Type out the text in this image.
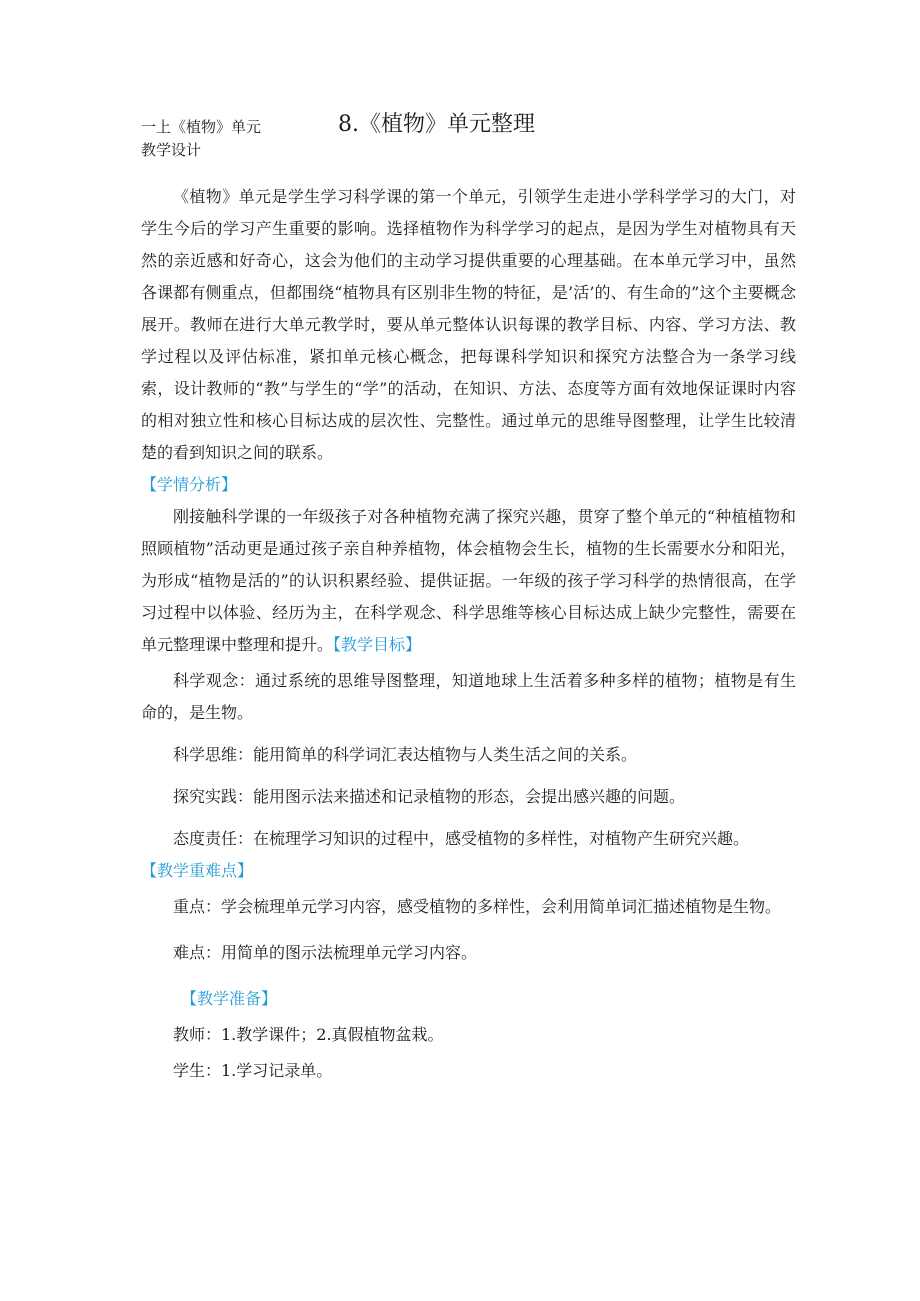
一上《植物》单元教学设计
8.《植物》单元整理

《植物》单元是学生学习科学课的第一个单元，引领学生走进小学科学学习的大门，对学生今后的学习产生重要的影响。选择植物作为科学学习的起点，是因为学生对植物具有天然的亲近感和好奇心，这会为他们的主动学习提供重要的心理基础。在本单元学习中，虽然各课都有侧重点，但都围绕“植物具有区别非生物的特征，是’活’的、有生命的”这个主要概念展开。教师在进行大单元教学时，要从单元整体认识每课的教学目标、内容、学习方法、教学过程以及评估标准，紧扣单元核心概念，把每课科学知识和探究方法整合为一条学习线索，设计教师的“教”与学生的“学”的活动，在知识、方法、态度等方面有效地保证课时内容的相对独立性和核心目标达成的层次性、完整性。通过单元的思维导图整理，让学生比较清楚的看到知识之间的联系。

【学情分析】

刚接触科学课的一年级孩子对各种植物充满了探究兴趣，贯穿了整个单元的“种植植物和照顾植物”活动更是通过孩子亲自种养植物，体会植物会生长，植物的生长需要水分和阳光，为形成“植物是活的”的认识积累经验、提供证据。一年级的孩子学习科学的热情很高，在学习过程中以体验、经历为主，在科学观念、科学思维等核心目标达成上缺少完整性，需要在单元整理课中整理和提升。【教学目标】

科学观念：通过系统的思维导图整理，知道地球上生活着多种多样的植物；植物是有生命的，是生物。

科学思维：能用简单的科学词汇表达植物与人类生活之间的关系。

探究实践：能用图示法来描述和记录植物的形态，会提出感兴趣的问题。

态度责任：在梳理学习知识的过程中，感受植物的多样性，对植物产生研究兴趣。

【教学重难点】

重点：学会梳理单元学习内容，感受植物的多样性，会利用简单词汇描述植物是生物。

难点：用简单的图示法梳理单元学习内容。

【教学准备】

教师：1.教学课件；2.真假植物盆栽。

学生：1.学习记录单。
